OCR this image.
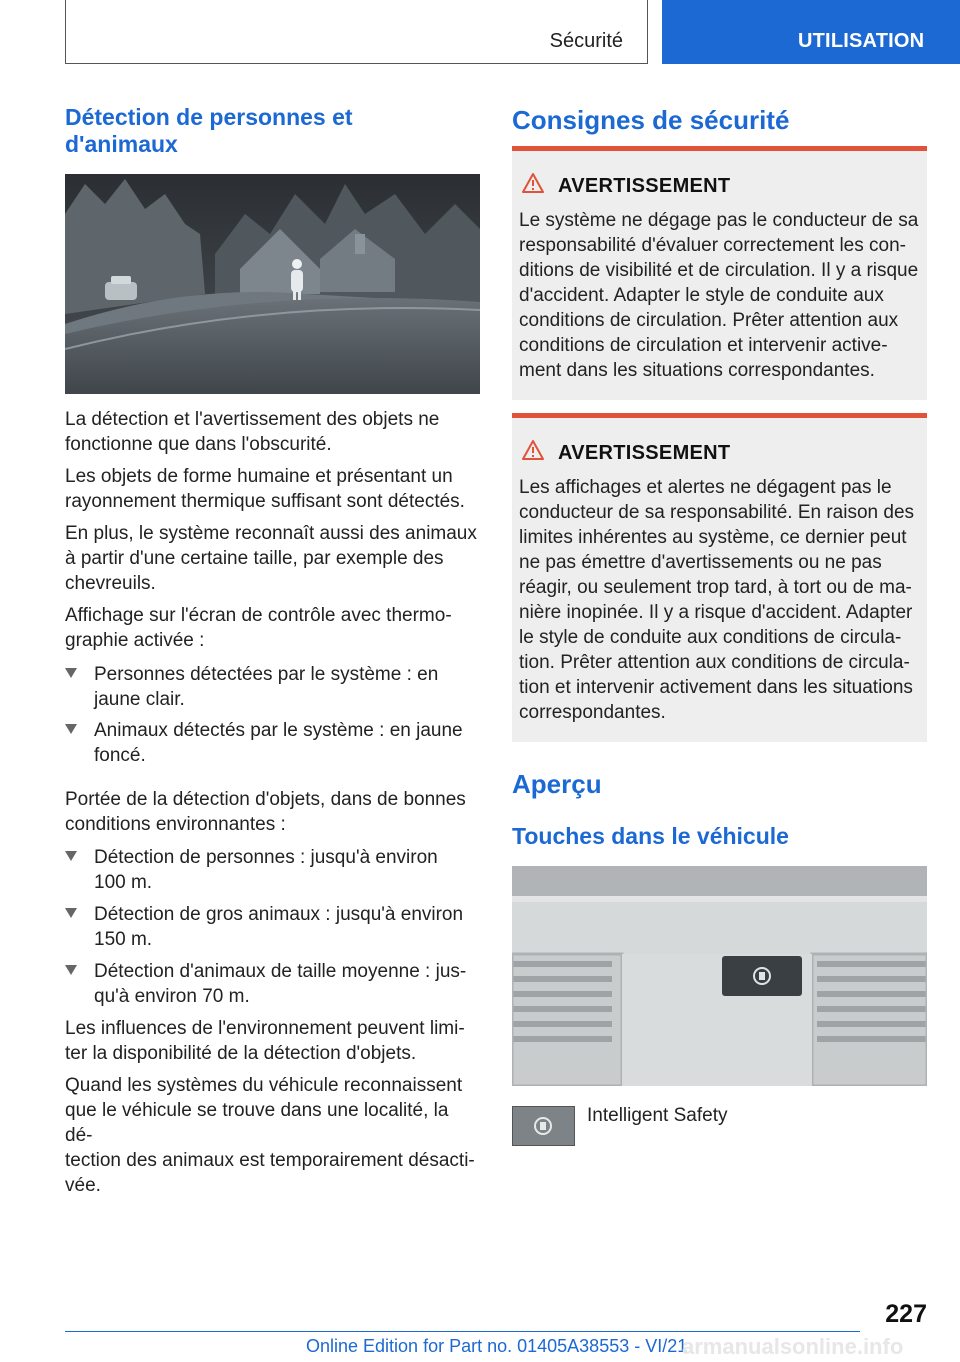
Sécurité	UTILISATION
Détection de personnes et
d'animaux

La détection et l'avertissement des objets ne

fonctionne que dans l'obscurité.

Les objets de forme humaine et présentant un

rayonnement thermique suffisant sont détectés.

En plus, le système reconnaît aussi des animaux

à partir d'une certaine taille, par exemple des

chevreuils.

Affichage sur l'écran de contrôle avec thermo-

graphie activée :

Personnes détectées par le système : en
jaune clair.
Animaux détectés par le système : en jaune
foncé.

Portée de la détection d'objets, dans de bonnes

conditions environnantes :

Détection de personnes : jusqu'à environ
100 m.
Détection de gros animaux : jusqu'à environ
150 m.
Détection d'animaux de taille moyenne : jus-
qu'à environ 70 m.

Les influences de l'environnement peuvent limi-

ter la disponibilité de la détection d'objets.

Quand les systèmes du véhicule reconnaissent

que le véhicule se trouve dans une localité, la dé-

tection des animaux est temporairement désacti-

vée.

Consignes de sécurité
AVERTISSEMENT
Le système ne dégage pas le conducteur de sa
responsabilité d'évaluer correctement les con-
ditions de visibilité et de circulation. Il y a risque
d'accident. Adapter le style de conduite aux
conditions de circulation. Prêter attention aux
conditions de circulation et intervenir active-
ment dans les situations correspondantes.
AVERTISSEMENT
Les affichages et alertes ne dégagent pas le
conducteur de sa responsabilité. En raison des
limites inhérentes au système, ce dernier peut
ne pas émettre d'avertissements ou ne pas
réagir, ou seulement trop tard, à tort ou de ma-
nière inopinée. Il y a risque d'accident. Adapter
le style de conduite aux conditions de circula-
tion. Prêter attention aux conditions de circula-
tion et intervenir activement dans les situations
correspondantes.
Aperçu
Touches dans le véhicule
Intelligent Safety
227
Online Edition for Part no. 01405A38553 - VI/21
armanualsonline.info
